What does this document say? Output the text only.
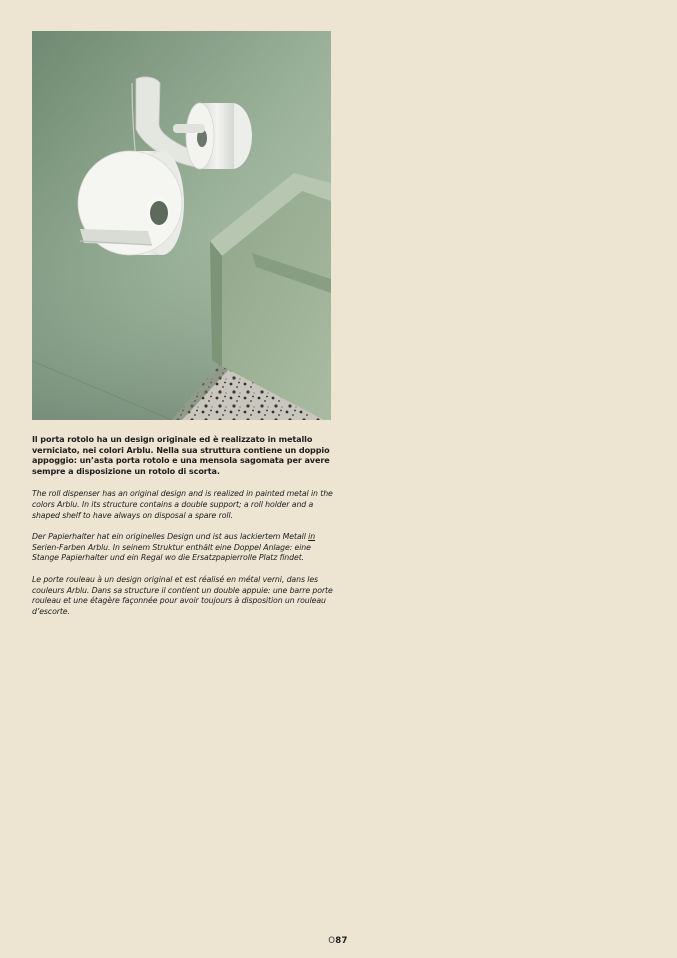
Il porta rotolo ha un design originale ed è realizzato in metallo verniciato, nei colori Arblu. Nella sua struttura contiene un doppio appoggio: un’asta porta rotolo e una mensola sagomata per avere sempre a disposizione un rotolo di scorta.

The roll dispenser has an original design and is realized in painted metal in the colors Arblu. In its structure contains a double support; a roll holder and a shaped shelf to have always on disposal a spare roll.

Der Papierhalter hat ein originelles Design und ist aus lackiertem Metall in Serien-Farben Arblu. In seinem Struktur enthält eine Doppel Anlage: eine Stange Papierhalter und ein Regal wo die Ersatzpapierrolle Platz findet.

Le porte rouleau à un design original et est réalisé en métal verni, dans les couleurs Arblu. Dans sa structure il contient un double appuie: une barre porte rouleau et une étagère façonnée pour avoir toujours à disposition un rouleau d’escorte.

O87
